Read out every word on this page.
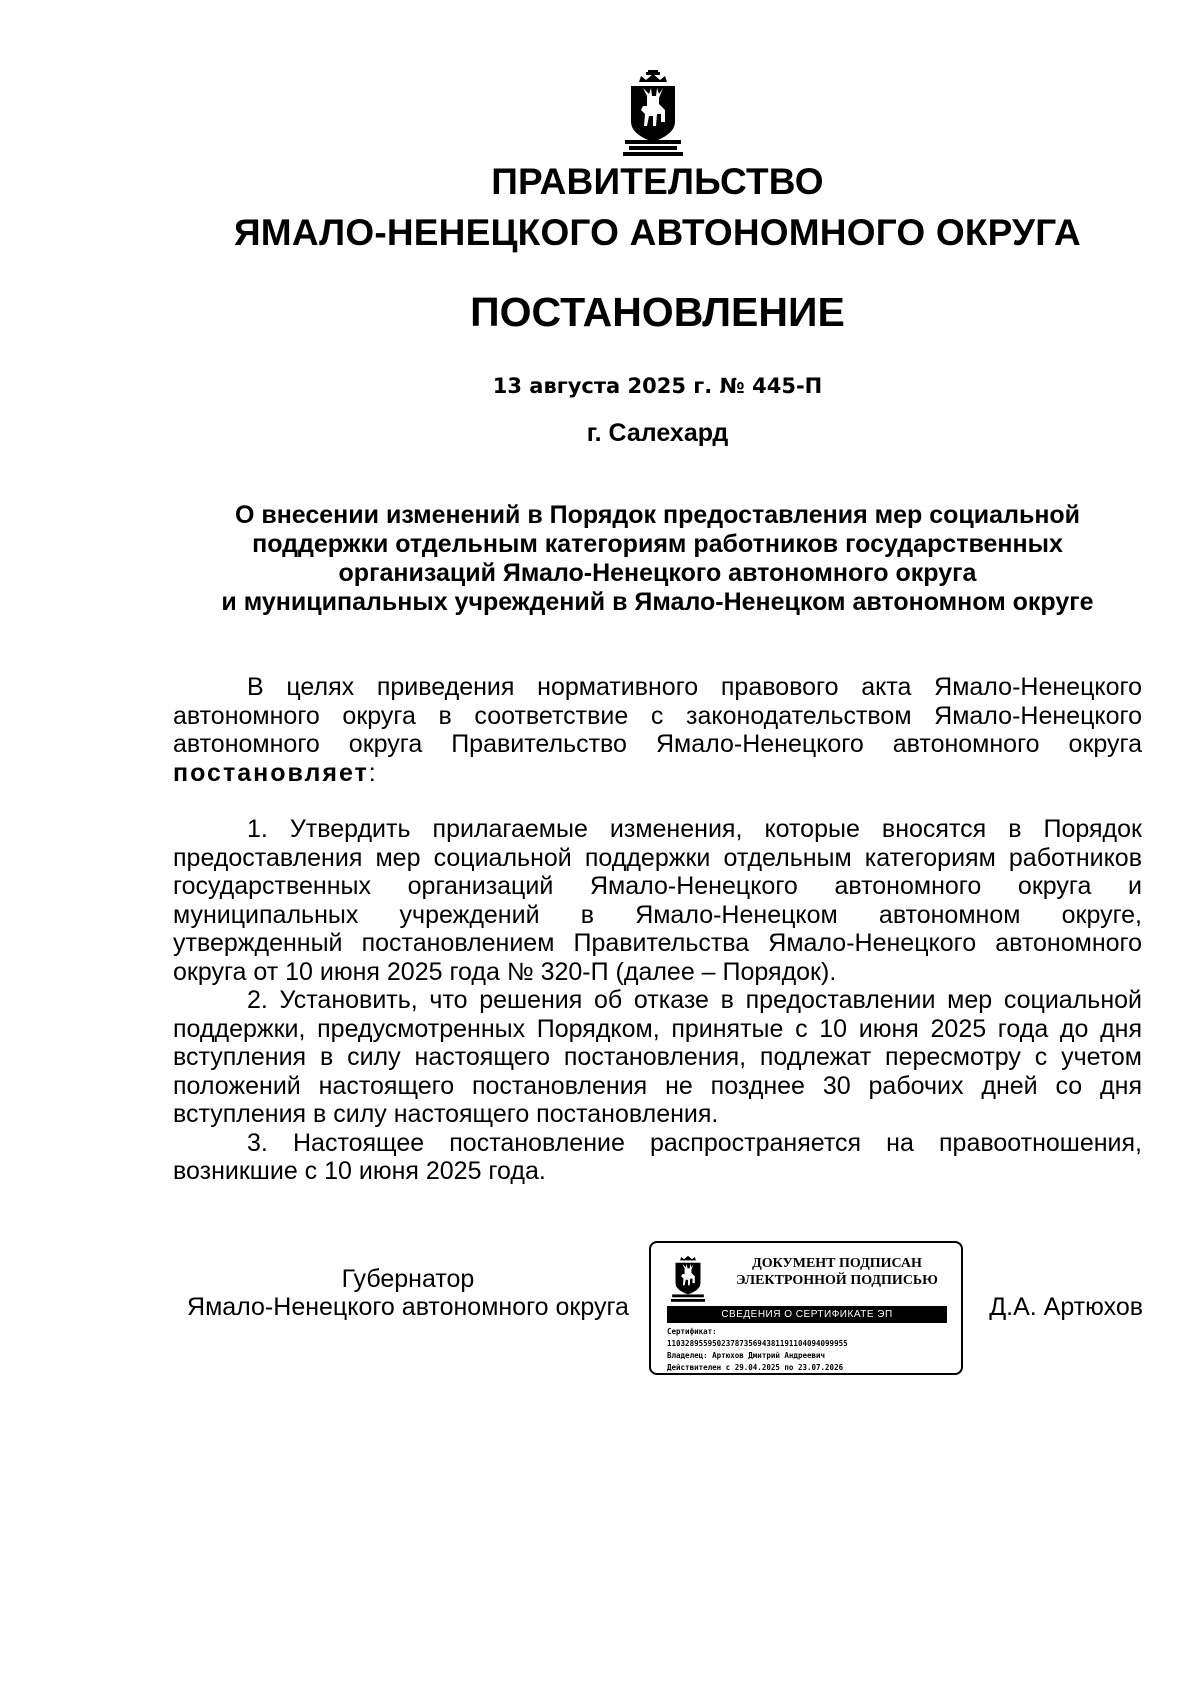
ПРАВИТЕЛЬСТВО
ЯМАЛО-НЕНЕЦКОГО АВТОНОМНОГО ОКРУГА
ПОСТАНОВЛЕНИЕ
13 августа 2025 г. № 445-П
г. Салехард
О внесении изменений в Порядок предоставления мер социальной
поддержки отдельным категориям работников государственных
организаций Ямало-Ненецкого автономного округа
и муниципальных учреждений в Ямало-Ненецком автономном округе

В целях приведения нормативного правового акта Ямало-Ненецкого автономного округа в соответствие с законодательством Ямало-Ненецкого автономного округа Правительство Ямало-Ненецкого автономного округа постановляет:

1. Утвердить прилагаемые изменения, которые вносятся в Порядок предоставления мер социальной поддержки отдельным категориям работников государственных организаций Ямало-Ненецкого автономного округа и муниципальных учреждений в Ямало-Ненецком автономном округе, утвержденный постановлением Правительства Ямало-Ненецкого автономного округа от 10 июня 2025 года № 320-П (далее – Порядок).

2. Установить, что решения об отказе в предоставлении мер социальной поддержки, предусмотренных Порядком, принятые с 10 июня 2025 года до дня вступления в силу настоящего постановления, подлежат пересмотру с учетом положений настоящего постановления не позднее 30 рабочих дней со дня вступления в силу настоящего постановления.

3. Настоящее постановление распространяется на правоотношения, возникшие с 10 июня 2025 года.

Губернатор
Ямало-Ненецкого автономного округа	Д.А. Артюхов
ДОКУМЕНТ ПОДПИСАН
ЭЛЕКТРОННОЙ ПОДПИСЬЮ
СВЕДЕНИЯ О СЕРТИФИКАТЕ ЭП
Сертификат:
1103289559502378735694381191104094099955
Владелец: Артюхов Дмитрий Андреевич
Действителен с 29.04.2025 по 23.07.2026
